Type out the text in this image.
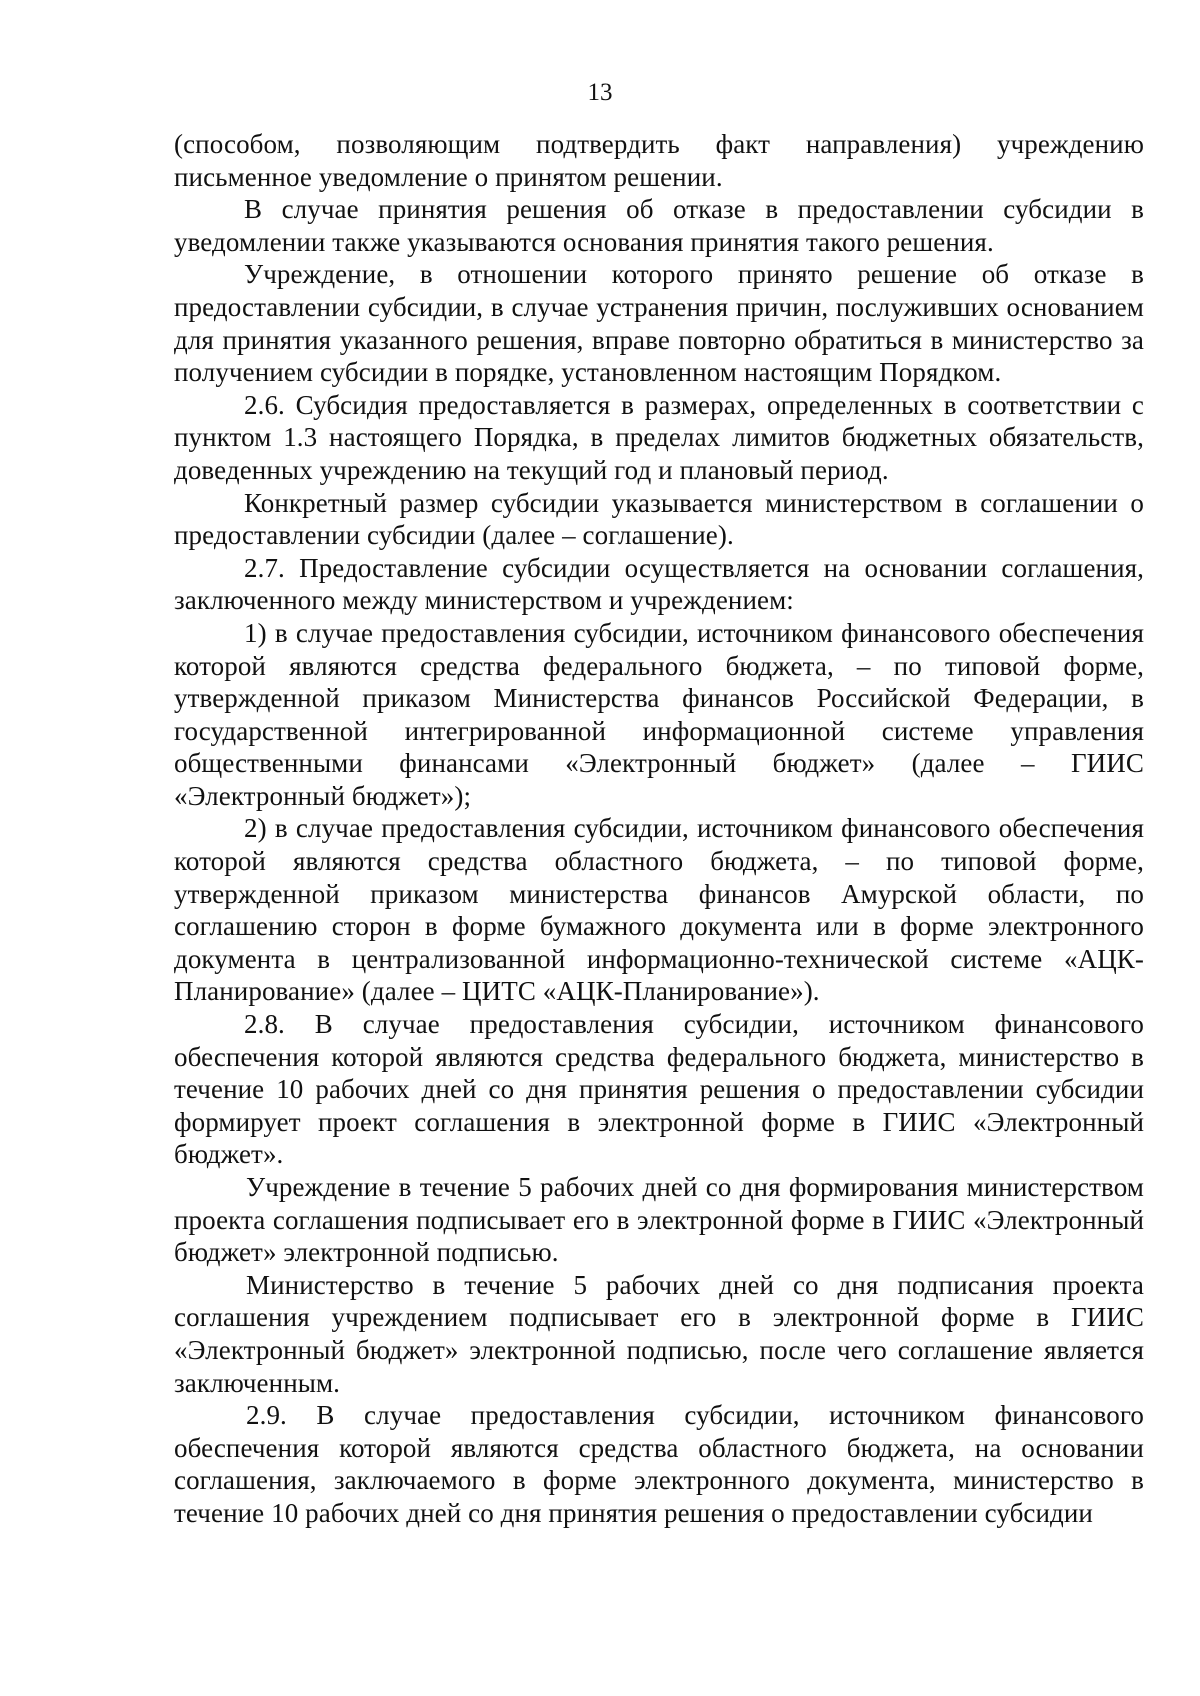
13

(способом, позволяющим подтвердить факт направления) учреждению письменное уведомление о принятом решении.

В случае принятия решения об отказе в предоставлении субсидии в уведомлении также указываются основания принятия такого решения.

Учреждение, в отношении которого принято решение об отказе в предоставлении субсидии, в случае устранения причин, послуживших основанием для принятия указанного решения, вправе повторно обратиться в министерство за получением субсидии в порядке, установленном настоящим Порядком.

2.6. Субсидия предоставляется в размерах, определенных в соответствии с пунктом 1.3 настоящего Порядка, в пределах лимитов бюджетных обязательств, доведенных учреждению на текущий год и плановый период.

Конкретный размер субсидии указывается министерством в соглашении о предоставлении субсидии (далее – соглашение).

2.7. Предоставление субсидии осуществляется на основании соглашения, заключенного между министерством и учреждением:

1) в случае предоставления субсидии, источником финансового обеспечения которой являются средства федерального бюджета, – по типовой форме, утвержденной приказом Министерства финансов Российской Федерации, в государственной интегрированной информационной системе управления общественными финансами «Электронный бюджет» (далее – ГИИС «Электронный бюджет»);

2) в случае предоставления субсидии, источником финансового обеспечения которой являются средства областного бюджета, – по типовой форме, утвержденной приказом министерства финансов Амурской области, по соглашению сторон в форме бумажного документа или в форме электронного документа в централизованной информационно-технической системе «АЦК-Планирование» (далее – ЦИТС «АЦК-Планирование»).

2.8. В случае предоставления субсидии, источником финансового обеспечения которой являются средства федерального бюджета, министерство в течение 10 рабочих дней со дня принятия решения о предоставлении субсидии формирует проект соглашения в электронной форме в ГИИС «Электронный бюджет».

Учреждение в течение 5 рабочих дней со дня формирования министерством проекта соглашения подписывает его в электронной форме в ГИИС «Электронный бюджет» электронной подписью.

Министерство в течение 5 рабочих дней со дня подписания проекта соглашения учреждением подписывает его в электронной форме в ГИИС «Электронный бюджет» электронной подписью, после чего соглашение является заключенным.

2.9. В случае предоставления субсидии, источником финансового обеспечения которой являются средства областного бюджета, на основании соглашения, заключаемого в форме электронного документа, министерство в течение 10 рабочих дней со дня принятия решения о предоставлении субсидии
